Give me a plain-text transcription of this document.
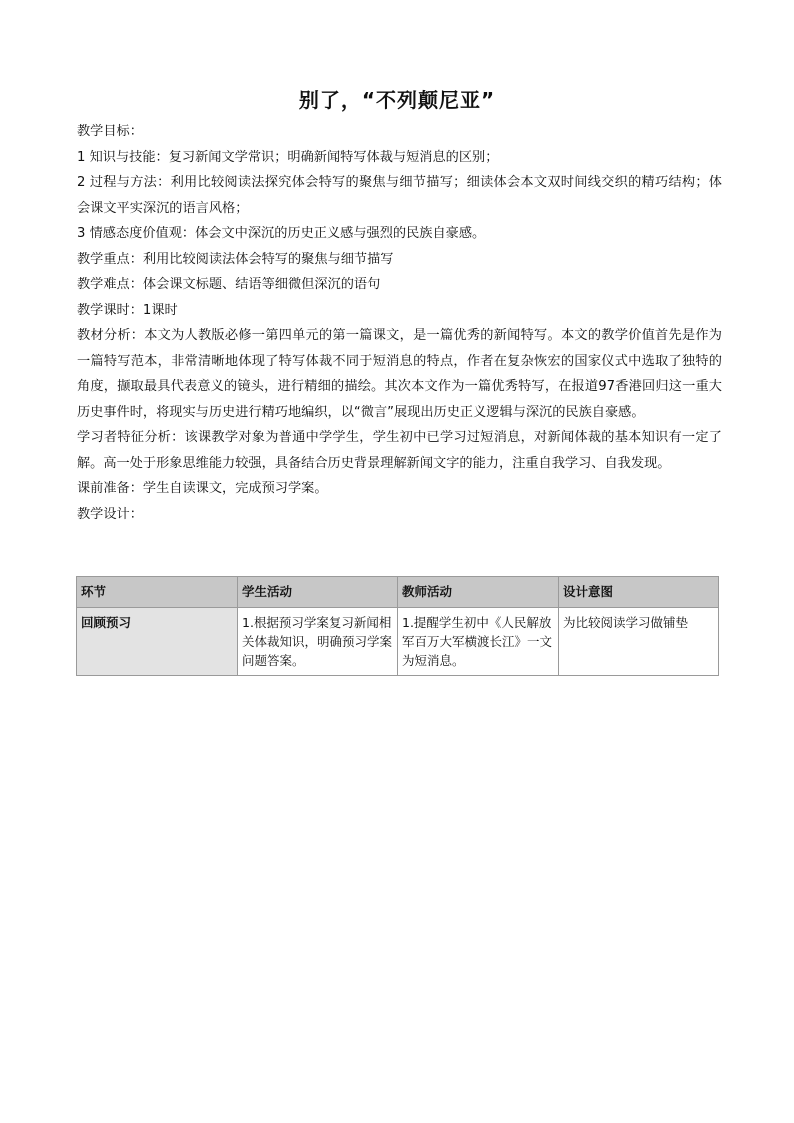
别了，“不列颠尼亚”

教学目标：

1 知识与技能：复习新闻文学常识；明确新闻特写体裁与短消息的区别；

2 过程与方法：利用比较阅读法探究体会特写的聚焦与细节描写；细读体会本文双时间线交织的精巧结构；体会课文平实深沉的语言风格；

3 情感态度价值观：体会文中深沉的历史正义感与强烈的民族自豪感。

教学重点：利用比较阅读法体会特写的聚焦与细节描写

教学难点：体会课文标题、结语等细微但深沉的语句

教学课时：1课时

教材分析：本文为人教版必修一第四单元的第一篇课文，是一篇优秀的新闻特写。本文的教学价值首先是作为一篇特写范本，非常清晰地体现了特写体裁不同于短消息的特点，作者在复杂恢宏的国家仪式中选取了独特的角度，撷取最具代表意义的镜头，进行精细的描绘。其次本文作为一篇优秀特写，在报道97香港回归这一重大历史事件时，将现实与历史进行精巧地编织，以“微言”展现出历史正义逻辑与深沉的民族自豪感。

学习者特征分析：该课教学对象为普通中学学生，学生初中已学习过短消息，对新闻体裁的基本知识有一定了解。高一处于形象思维能力较强，具备结合历史背景理解新闻文字的能力，注重自我学习、自我发现。

课前准备：学生自读课文，完成预习学案。

教学设计：

环节	学生活动	教师活动	设计意图
回顾预习	1.根据预习学案复习新闻相关体裁知识，明确预习学案问题答案。	1.提醒学生初中《人民解放军百万大军横渡长江》一文为短消息。	为比较阅读学习做铺垫
